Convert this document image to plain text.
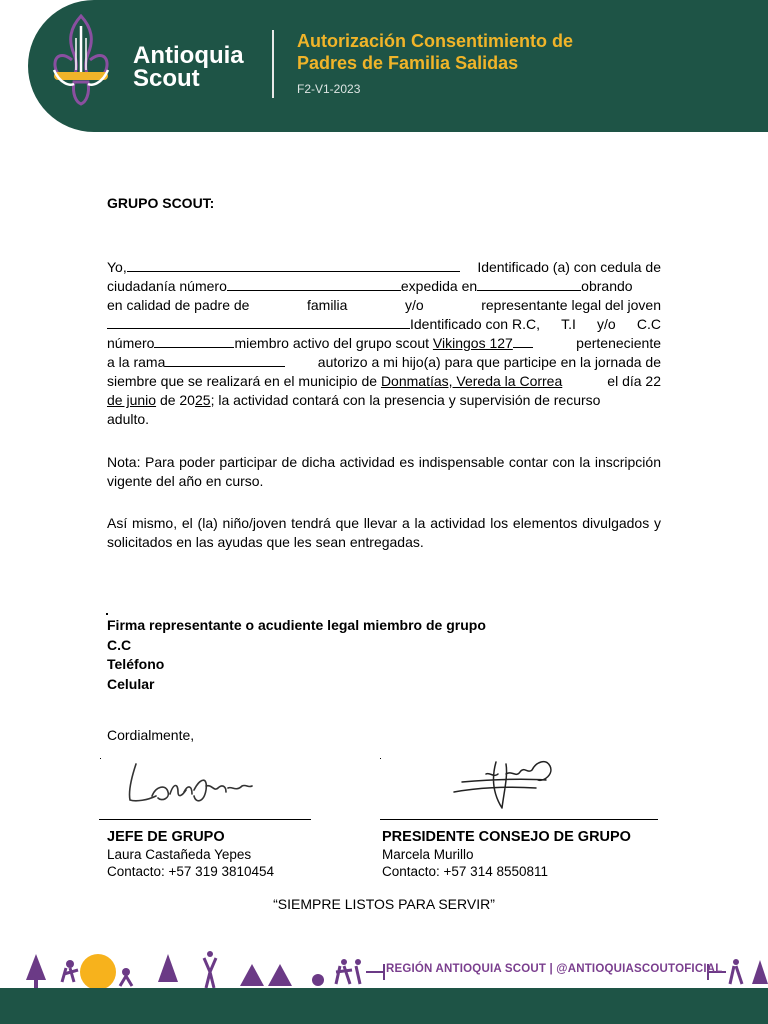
Antioquia
Scout
Autorización Consentimiento de
Padres de Familia Salidas
F2-V1-2023
GRUPO SCOUT:
Yo,	Identificado (a) con cedula de
ciudadanía número	expedida en	obrando
en calidad de padre de	familia	y/o	representante legal del joven
Identificado con R.C, T.I y/o C.C
número	miembro activo del grupo scout Vikingos 127	perteneciente
a la rama	autorizo a mi hijo(a) para que participe en la jornada de
siembre que se realizará en el municipio de Donmatías, Vereda la Correa	el día 22
de junio de 2025; la actividad contará con la presencia y supervisión de recurso
adulto.
Nota: Para poder participar de dicha actividad es indispensable contar con la inscripción vigente del año en curso.
Así mismo, el (la) niño/joven tendrá que llevar a la actividad los elementos divulgados y solicitados en las ayudas que les sean entregadas.
Firma representante o acudiente legal miembro de grupo
C.C
Teléfono
Celular
Cordialmente,
JEFE DE GRUPO
Laura Castañeda Yepes
Contacto: +57 319 3810454
PRESIDENTE CONSEJO DE GRUPO
Marcela Murillo
Contacto: +57 314 8550811
“SIEMPRE LISTOS PARA SERVIR”
REGIÓN ANTIOQUIA SCOUT | @ANTIOQUIASCOUTOFICIAL
